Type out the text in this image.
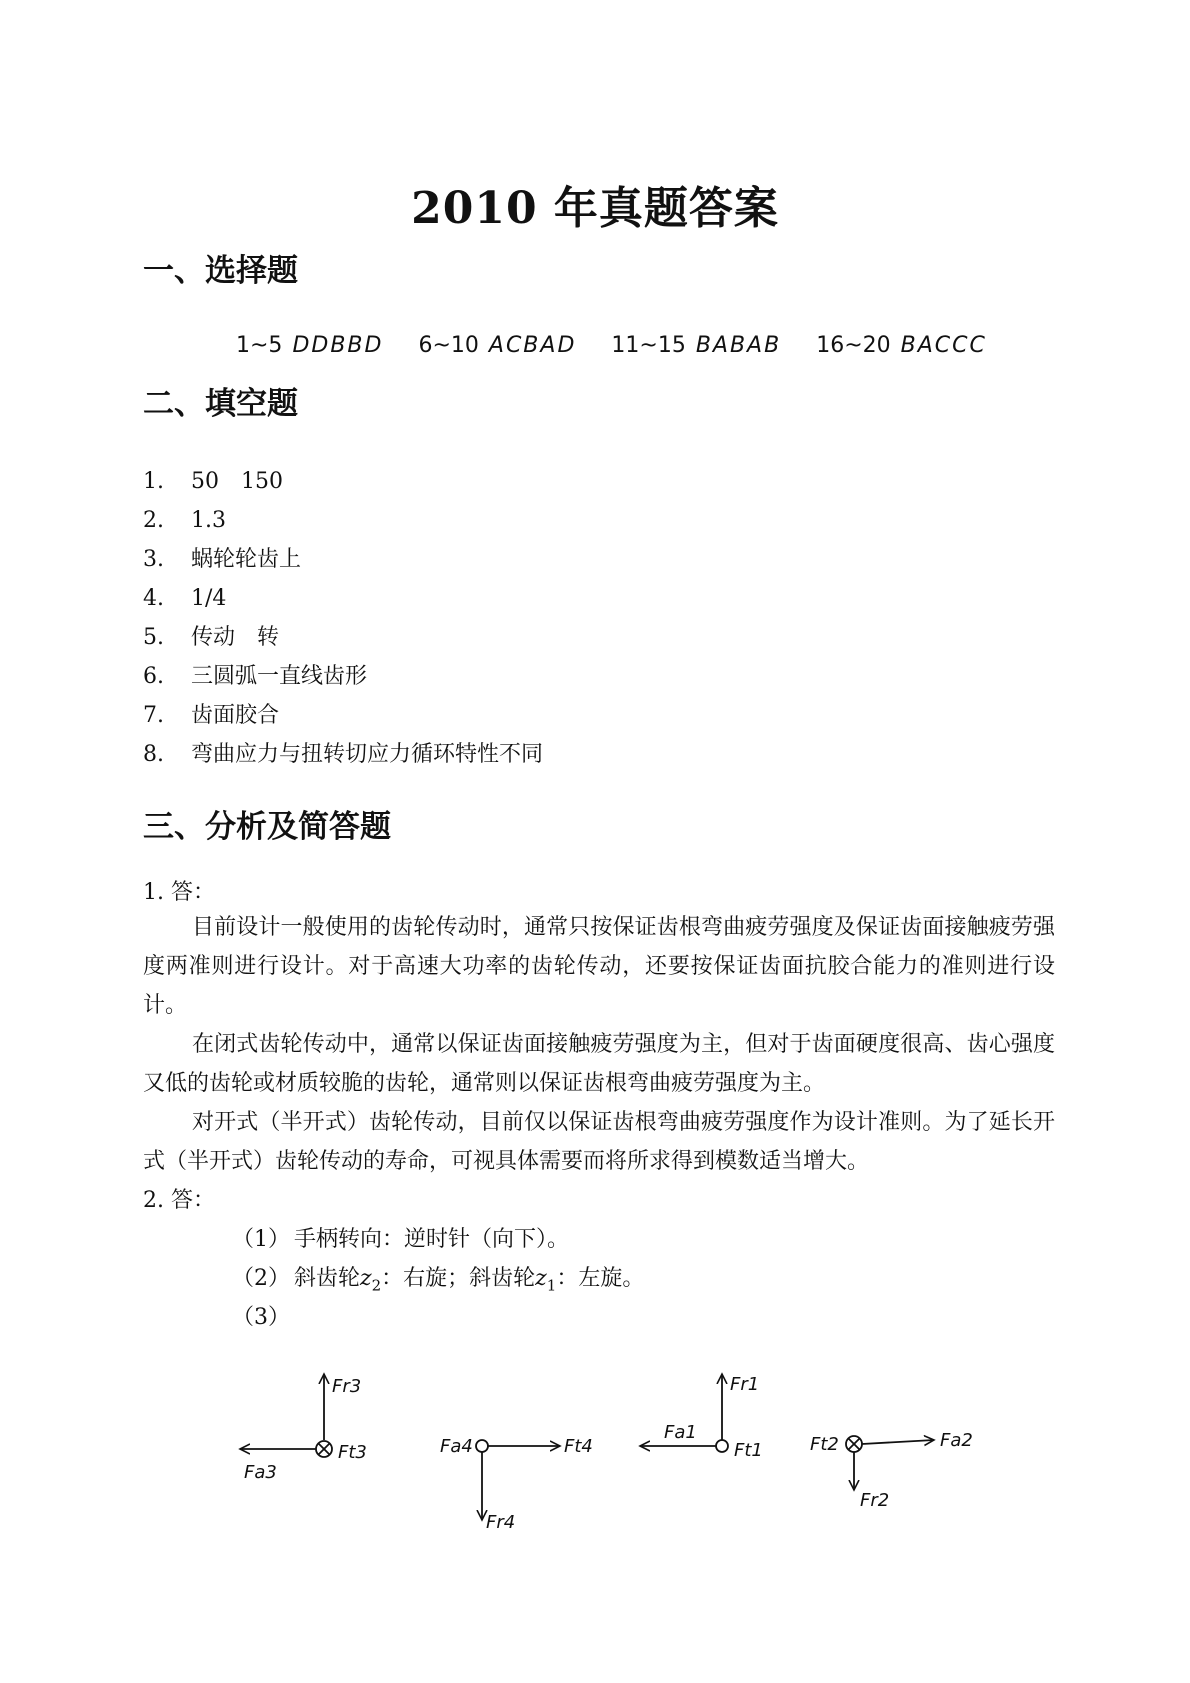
2010 年真题答案
一、选择题
1~5 DDBBD 6~10 ACBAD 11~15 BABAB 16~20 BACCC
二、填空题
1. 50　150
2. 1.3
3. 蜗轮轮齿上
4. 1/4
5. 传动　转
6. 三圆弧一直线齿形
7. 齿面胶合
8. 弯曲应力与扭转切应力循环特性不同
三、分析及简答题
1. 答：
目前设计一般使用的齿轮传动时，通常只按保证齿根弯曲疲劳强度及保证齿面接触疲劳强度两准则进行设计。对于高速大功率的齿轮传动，还要按保证齿面抗胶合能力的准则进行设计。
在闭式齿轮传动中，通常以保证齿面接触疲劳强度为主，但对于齿面硬度很高、齿心强度又低的齿轮或材质较脆的齿轮，通常则以保证齿根弯曲疲劳强度为主。
对开式（半开式）齿轮传动，目前仅以保证齿根弯曲疲劳强度作为设计准则。为了延长开式（半开式）齿轮传动的寿命，可视具体需要而将所求得到模数适当增大。
2. 答：
（1） 手柄转向：逆时针（向下）。
（2） 斜齿轮$z_2$：右旋；斜齿轮$z_1$：左旋。
（3）
Fr3
Ft3
Fa3
Fa4	Ft4
Fr4
Fr1
Fa1
Ft1	Ft2	Fa2
Fr2
